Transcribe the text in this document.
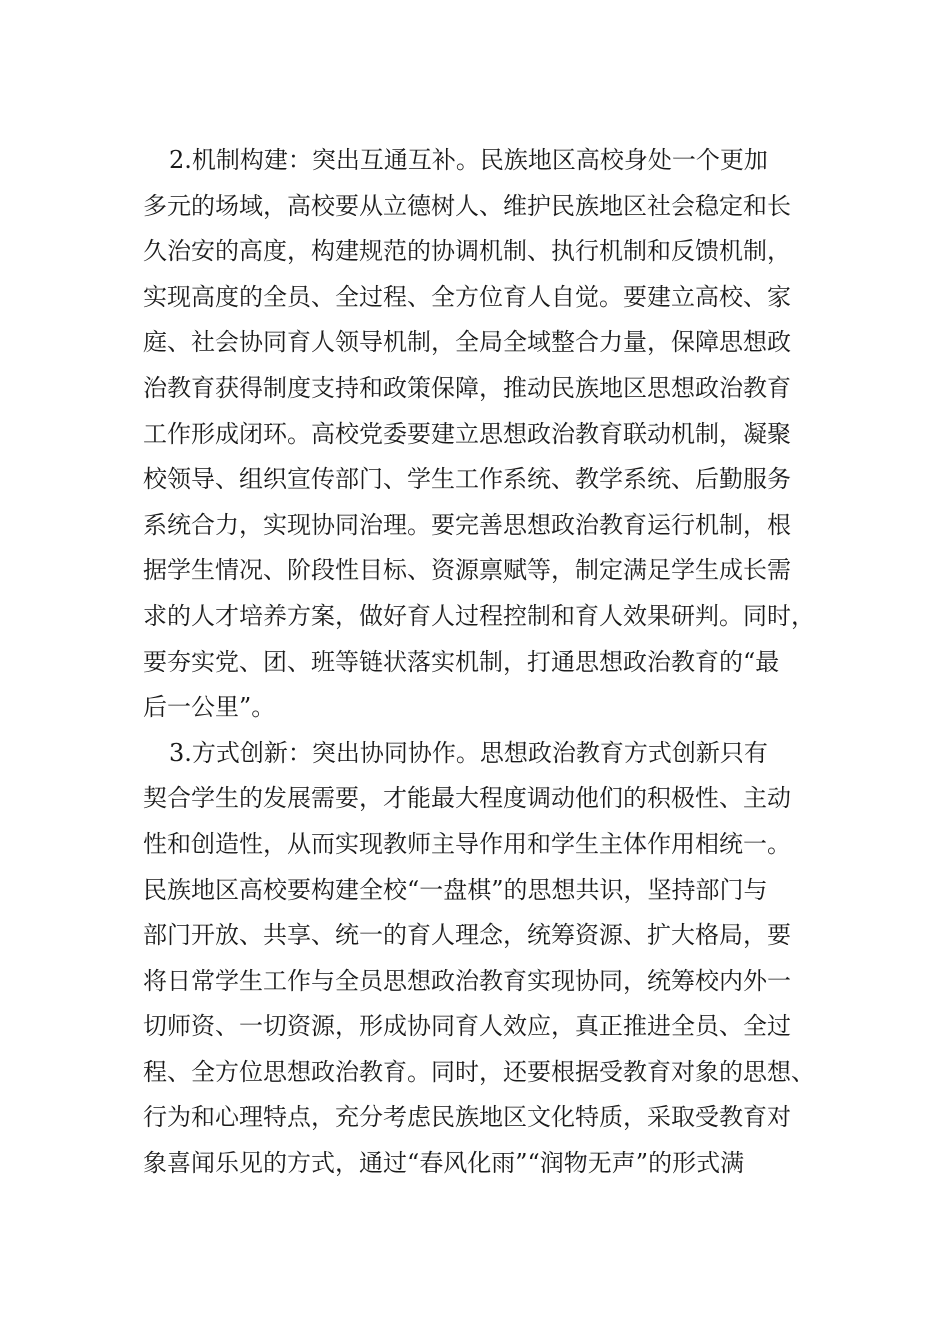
2.机制构建：突出互通互补。民族地区高校身处一个更加
多元的场域，高校要从立德树人、维护民族地区社会稳定和长
久治安的高度，构建规范的协调机制、执行机制和反馈机制，
实现高度的全员、全过程、全方位育人自觉。要建立高校、家
庭、社会协同育人领导机制，全局全域整合力量，保障思想政
治教育获得制度支持和政策保障，推动民族地区思想政治教育
工作形成闭环。高校党委要建立思想政治教育联动机制，凝聚
校领导、组织宣传部门、学生工作系统、教学系统、后勤服务
系统合力，实现协同治理。要完善思想政治教育运行机制，根
据学生情况、阶段性目标、资源禀赋等，制定满足学生成长需
求的人才培养方案，做好育人过程控制和育人效果研判。同时，
要夯实党、团、班等链状落实机制，打通思想政治教育的“最
后一公里”。
3.方式创新：突出协同协作。思想政治教育方式创新只有
契合学生的发展需要，才能最大程度调动他们的积极性、主动
性和创造性，从而实现教师主导作用和学生主体作用相统一。
民族地区高校要构建全校“一盘棋”的思想共识，坚持部门与
部门开放、共享、统一的育人理念，统筹资源、扩大格局，要
将日常学生工作与全员思想政治教育实现协同，统筹校内外一
切师资、一切资源，形成协同育人效应，真正推进全员、全过
程、全方位思想政治教育。同时，还要根据受教育对象的思想、
行为和心理特点，充分考虑民族地区文化特质，采取受教育对
象喜闻乐见的方式，通过“春风化雨”“润物无声”的形式满
